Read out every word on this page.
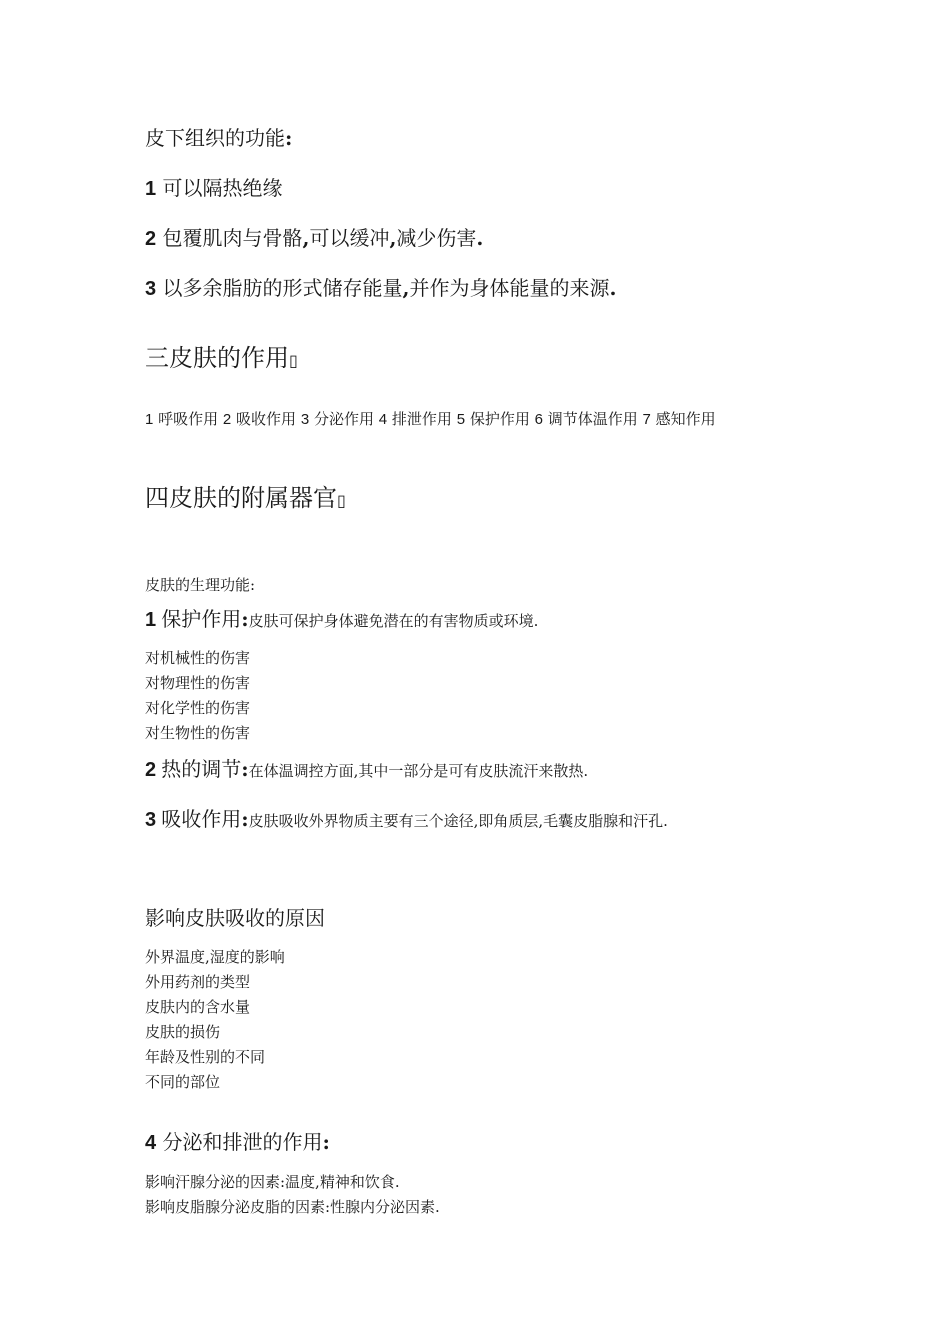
皮下组织的功能:
1 可以隔热绝缘
2 包覆肌肉与骨骼,可以缓冲,减少伤害.
3 以多余脂肪的形式储存能量,并作为身体能量的来源.
三皮肤的作用▯
1 呼吸作用 2 吸收作用 3 分泌作用 4 排泄作用 5 保护作用 6 调节体温作用 7 感知作用
四皮肤的附属器官▯
皮肤的生理功能:
1 保护作用:皮肤可保护身体避免潜在的有害物质或环境.
对机械性的伤害
对物理性的伤害
对化学性的伤害
对生物性的伤害
2 热的调节:在体温调控方面,其中一部分是可有皮肤流汗来散热.
3 吸收作用:皮肤吸收外界物质主要有三个途径,即角质层,毛囊皮脂腺和汗孔.
影响皮肤吸收的原因
外界温度,湿度的影响
外用药剂的类型
皮肤内的含水量
皮肤的损伤
年龄及性别的不同
不同的部位
4 分泌和排泄的作用:
影响汗腺分泌的因素:温度,精神和饮食.
影响皮脂腺分泌皮脂的因素:性腺内分泌因素.
